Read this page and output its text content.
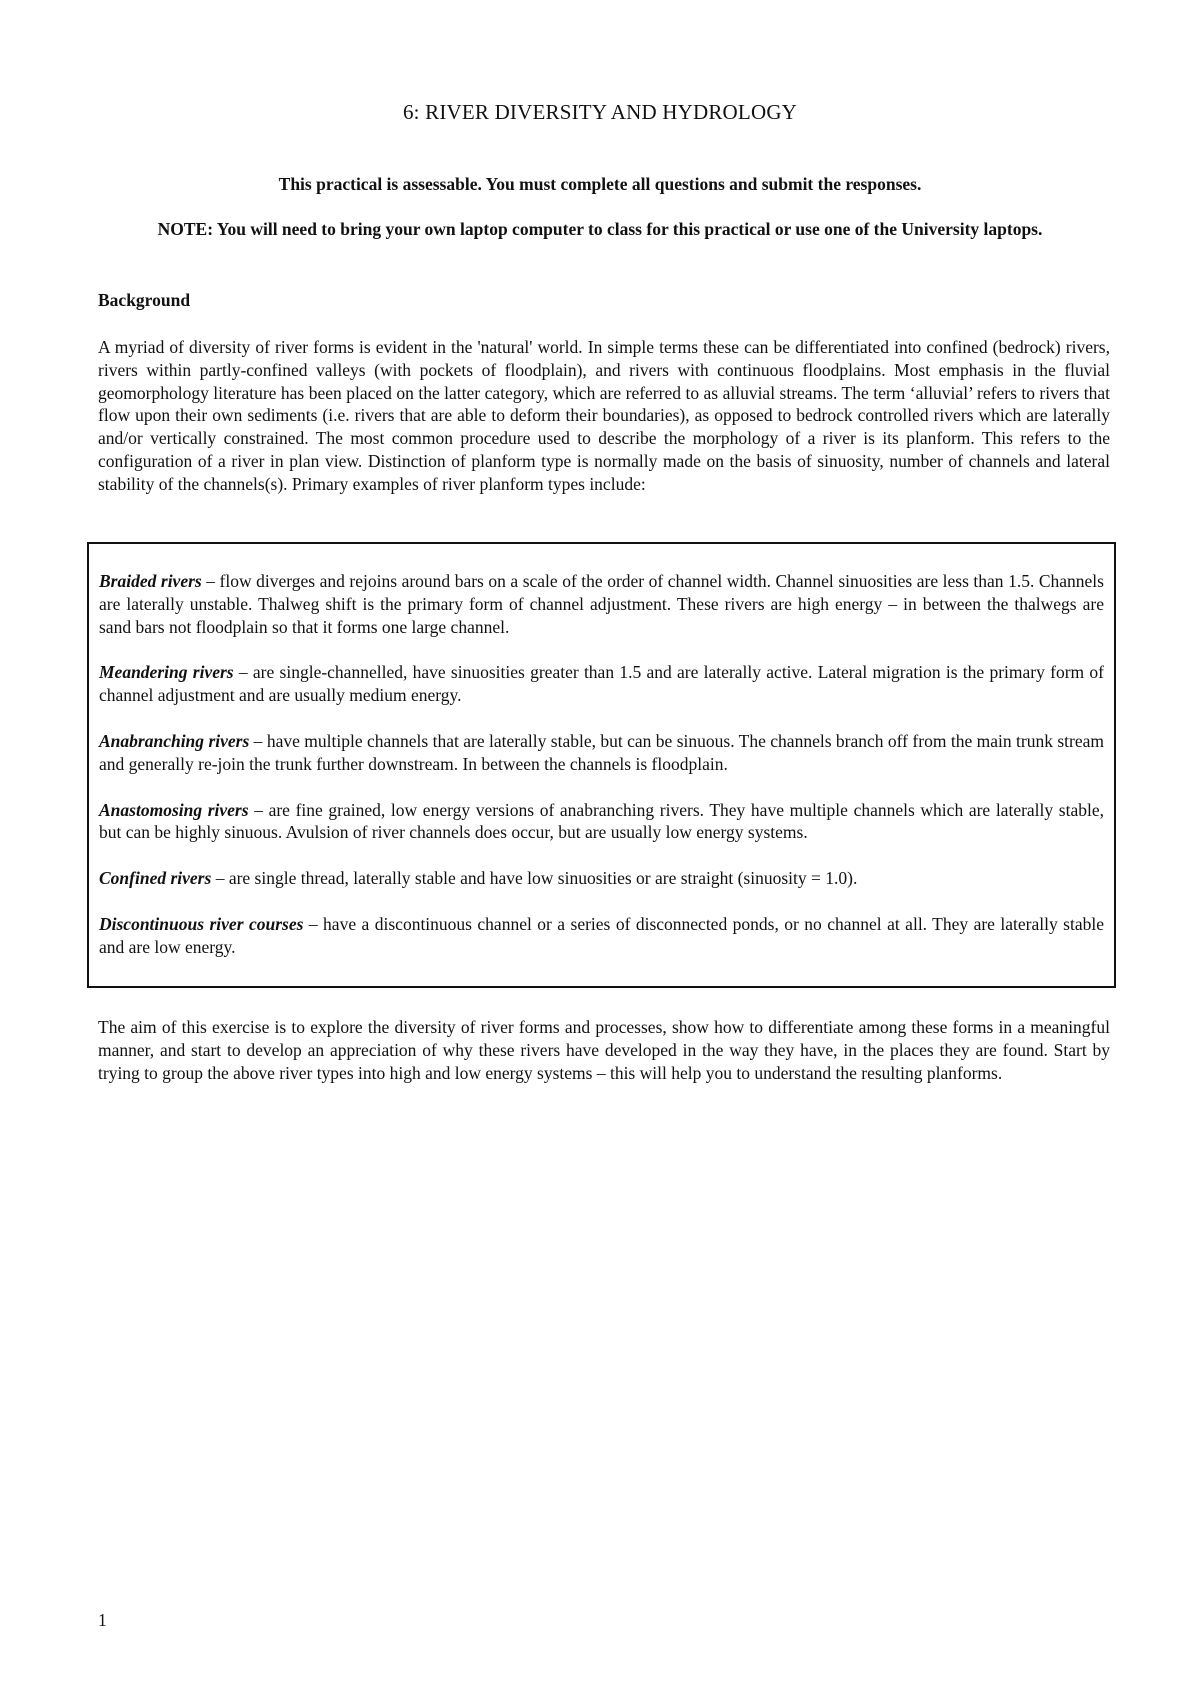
6: RIVER DIVERSITY AND HYDROLOGY
This practical is assessable. You must complete all questions and submit the responses.
NOTE: You will need to bring your own laptop computer to class for this practical or use one of the University laptops.
Background
A myriad of diversity of river forms is evident in the 'natural' world. In simple terms these can be differentiated into confined (bedrock) rivers, rivers within partly-confined valleys (with pockets of floodplain), and rivers with continuous floodplains. Most emphasis in the fluvial geomorphology literature has been placed on the latter category, which are referred to as alluvial streams. The term ‘alluvial’ refers to rivers that flow upon their own sediments (i.e. rivers that are able to deform their boundaries), as opposed to bedrock controlled rivers which are laterally and/or vertically constrained. The most common procedure used to describe the morphology of a river is its planform. This refers to the configuration of a river in plan view. Distinction of planform type is normally made on the basis of sinuosity, number of channels and lateral stability of the channels(s). Primary examples of river planform types include:

Braided rivers – flow diverges and rejoins around bars on a scale of the order of channel width. Channel sinuosities are less than 1.5. Channels are laterally unstable. Thalweg shift is the primary form of channel adjustment. These rivers are high energy – in between the thalwegs are sand bars not floodplain so that it forms one large channel.

Meandering rivers – are single-channelled, have sinuosities greater than 1.5 and are laterally active. Lateral migration is the primary form of channel adjustment and are usually medium energy.

Anabranching rivers – have multiple channels that are laterally stable, but can be sinuous. The channels branch off from the main trunk stream and generally re-join the trunk further downstream. In between the channels is floodplain.

Anastomosing rivers – are fine grained, low energy versions of anabranching rivers. They have multiple channels which are laterally stable, but can be highly sinuous. Avulsion of river channels does occur, but are usually low energy systems.

Confined rivers – are single thread, laterally stable and have low sinuosities or are straight (sinuosity = 1.0).

Discontinuous river courses – have a discontinuous channel or a series of disconnected ponds, or no channel at all. They are laterally stable and are low energy.

The aim of this exercise is to explore the diversity of river forms and processes, show how to differentiate among these forms in a meaningful manner, and start to develop an appreciation of why these rivers have developed in the way they have, in the places they are found. Start by trying to group the above river types into high and low energy systems – this will help you to understand the resulting planforms.
1
